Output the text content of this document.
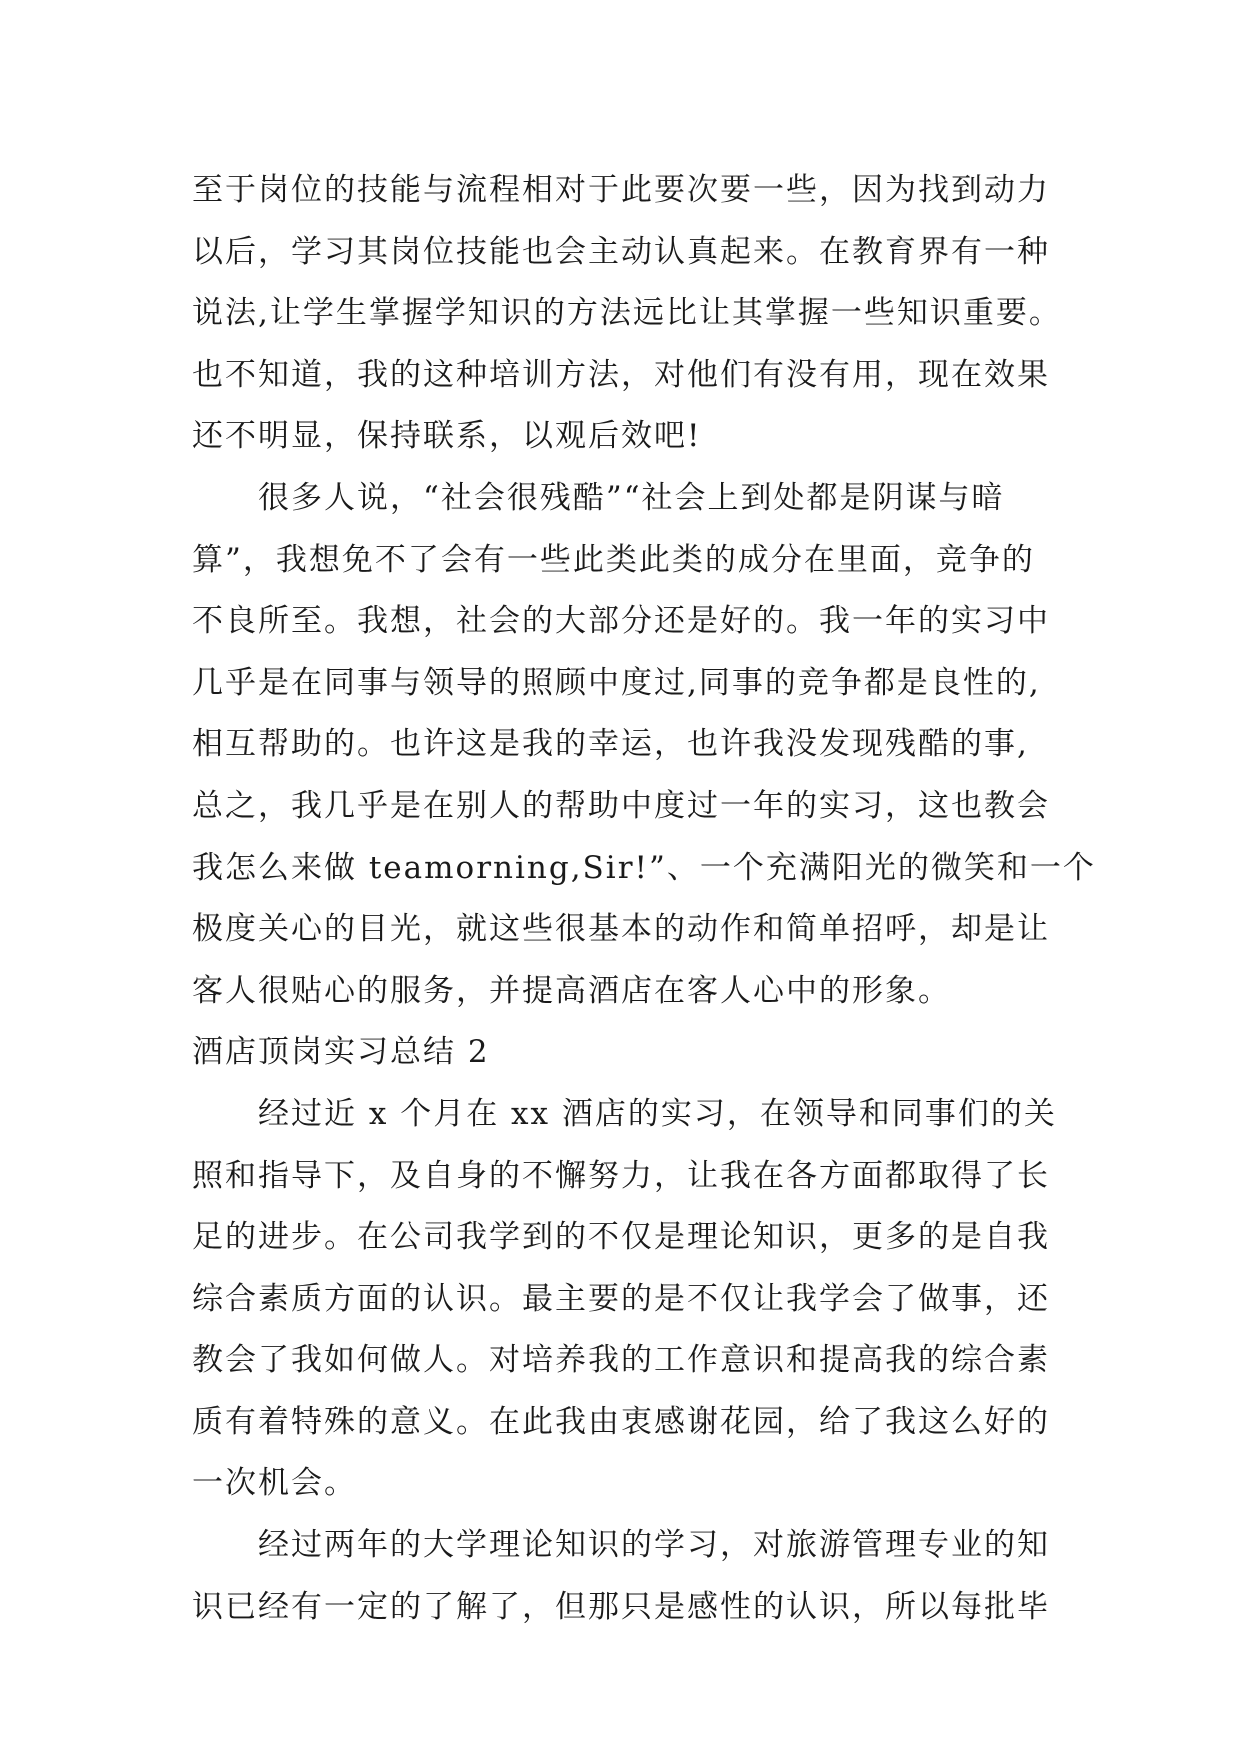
至于岗位的技能与流程相对于此要次要一些，因为找到动力
以后，学习其岗位技能也会主动认真起来。在教育界有一种
说法,让学生掌握学知识的方法远比让其掌握一些知识重要。
也不知道，我的这种培训方法，对他们有没有用，现在效果
还不明显，保持联系，以观后效吧!
很多人说，“社会很残酷”“社会上到处都是阴谋与暗
算”，我想免不了会有一些此类此类的成分在里面，竞争的
不良所至。我想，社会的大部分还是好的。我一年的实习中
几乎是在同事与领导的照顾中度过,同事的竞争都是良性的,
相互帮助的。也许这是我的幸运，也许我没发现残酷的事,
总之，我几乎是在别人的帮助中度过一年的实习，这也教会
我怎么来做 teamorning,Sir!”、一个充满阳光的微笑和一个
极度关心的目光，就这些很基本的动作和简单招呼，却是让
客人很贴心的服务，并提高酒店在客人心中的形象。
酒店顶岗实习总结 2
经过近 x 个月在 xx 酒店的实习，在领导和同事们的关
照和指导下，及自身的不懈努力，让我在各方面都取得了长
足的进步。在公司我学到的不仅是理论知识，更多的是自我
综合素质方面的认识。最主要的是不仅让我学会了做事，还
教会了我如何做人。对培养我的工作意识和提高我的综合素
质有着特殊的意义。在此我由衷感谢花园，给了我这么好的
一次机会。
经过两年的大学理论知识的学习，对旅游管理专业的知
识已经有一定的了解了，但那只是感性的认识，所以每批毕
